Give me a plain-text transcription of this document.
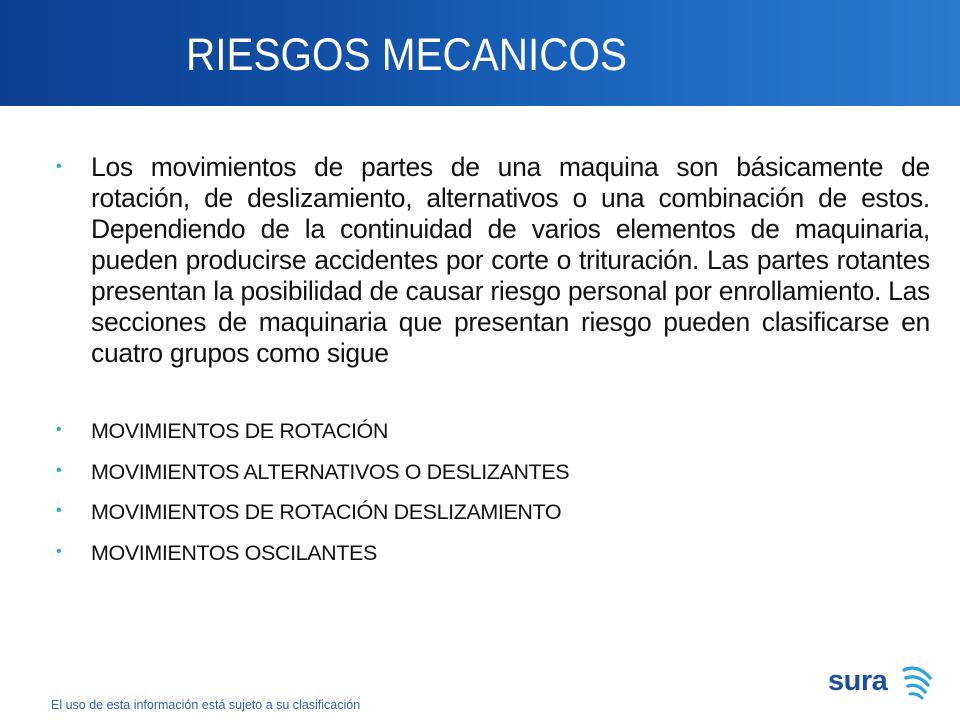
RIESGOS MECANICOS
• Los movimientos de partes de una maquina son básicamente de rotación, de deslizamiento, alternativos o una combinación de estos. Dependiendo de la continuidad de varios elementos de maquinaria, pueden producirse accidentes por corte o trituración. Las partes rotantes presentan la posibilidad de causar riesgo personal por enrollamiento. Las secciones de maquinaria que presentan riesgo pueden clasificarse en cuatro grupos como sigue
• MOVIMIENTOS DE ROTACIÓN
• MOVIMIENTOS ALTERNATIVOS O DESLIZANTES
• MOVIMIENTOS DE ROTACIÓN DESLIZAMIENTO
• MOVIMIENTOS OSCILANTES
El uso de esta información está sujeto a su clasificación
sura
